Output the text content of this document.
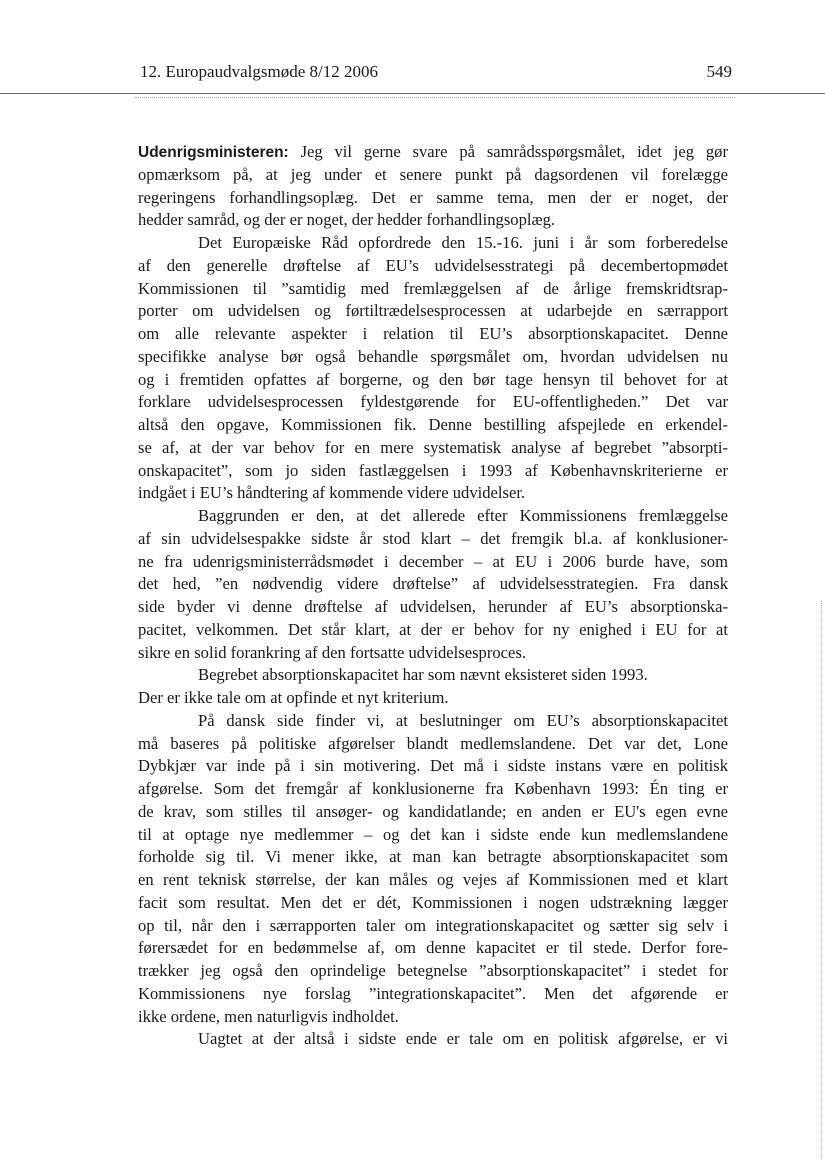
12. Europaudvalgsmøde 8/12 2006	549
Udenrigsministeren: Jeg vil gerne svare på samrådsspørgsmålet, idet jeg gør
opmærksom på, at jeg under et senere punkt på dagsordenen vil forelægge
regeringens forhandlingsoplæg. Det er samme tema, men der er noget, der
hedder samråd, og der er noget, der hedder forhandlingsoplæg.
Det Europæiske Råd opfordrede den 15.-16. juni i år som forberedelse
af den generelle drøftelse af EU’s udvidelsesstrategi på decembertopmødet
Kommissionen til ”samtidig med fremlæggelsen af de årlige fremskridtsrap-
porter om udvidelsen og førtiltrædelsesprocessen at udarbejde en særrapport
om alle relevante aspekter i relation til EU’s absorptionskapacitet. Denne
specifikke analyse bør også behandle spørgsmålet om, hvordan udvidelsen nu
og i fremtiden opfattes af borgerne, og den bør tage hensyn til behovet for at
forklare udvidelsesprocessen fyldestgørende for EU-offentligheden.” Det var
altså den opgave, Kommissionen fik. Denne bestilling afspejlede en erkendel-
se af, at der var behov for en mere systematisk analyse af begrebet ”absorpti-
onskapacitet”, som jo siden fastlæggelsen i 1993 af Københavnskriterierne er
indgået i EU’s håndtering af kommende videre udvidelser.
Baggrunden er den, at det allerede efter Kommissionens fremlæggelse
af sin udvidelsespakke sidste år stod klart – det fremgik bl.a. af konklusioner-
ne fra udenrigsministerrådsmødet i december – at EU i 2006 burde have, som
det hed, ”en nødvendig videre drøftelse” af udvidelsesstrategien. Fra dansk
side byder vi denne drøftelse af udvidelsen, herunder af EU’s absorptionska-
pacitet, velkommen. Det står klart, at der er behov for ny enighed i EU for at
sikre en solid forankring af den fortsatte udvidelsesproces.
Begrebet absorptionskapacitet har som nævnt eksisteret siden 1993.
Der er ikke tale om at opfinde et nyt kriterium.
På dansk side finder vi, at beslutninger om EU’s absorptionskapacitet
må baseres på politiske afgørelser blandt medlemslandene. Det var det, Lone
Dybkjær var inde på i sin motivering. Det må i sidste instans være en politisk
afgørelse. Som det fremgår af konklusionerne fra København 1993: Én ting er
de krav, som stilles til ansøger- og kandidatlande; en anden er EU's egen evne
til at optage nye medlemmer – og det kan i sidste ende kun medlemslandene
forholde sig til. Vi mener ikke, at man kan betragte absorptionskapacitet som
en rent teknisk størrelse, der kan måles og vejes af Kommissionen med et klart
facit som resultat. Men det er dét, Kommissionen i nogen udstrækning lægger
op til, når den i særrapporten taler om integrationskapacitet og sætter sig selv i
førersædet for en bedømmelse af, om denne kapacitet er til stede. Derfor fore-
trækker jeg også den oprindelige betegnelse ”absorptionskapacitet” i stedet for
Kommissionens nye forslag ”integrationskapacitet”. Men det afgørende er
ikke ordene, men naturligvis indholdet.
Uagtet at der altså i sidste ende er tale om en politisk afgørelse, er vi
